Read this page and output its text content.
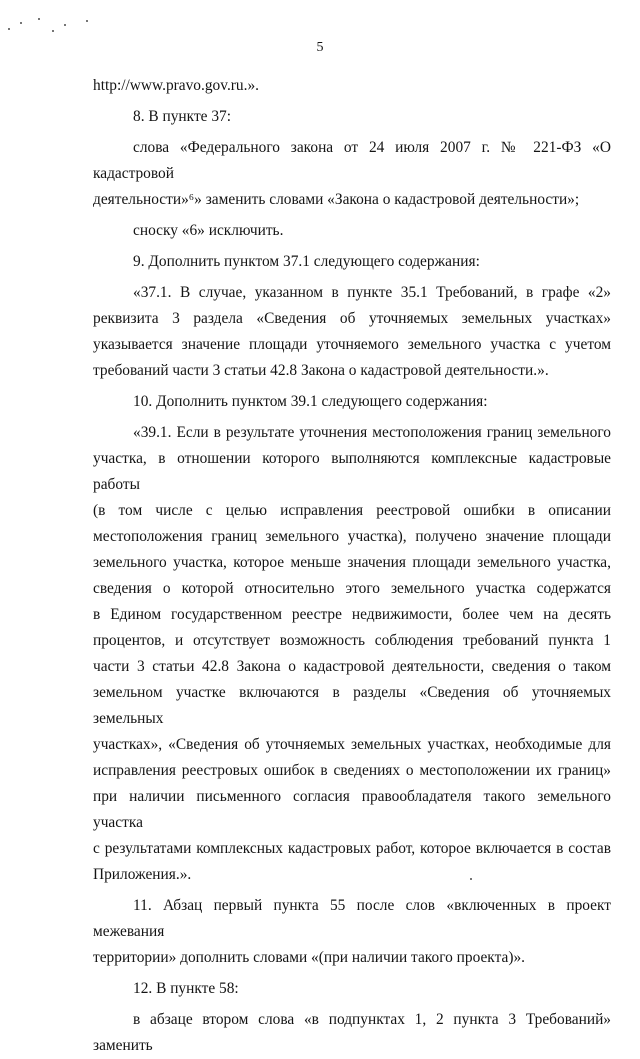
5

http://www.pravo.gov.ru.».

8. В пункте 37:

слова «Федерального закона от 24 июля 2007 г. № 221-ФЗ «О кадастровой
деятельности»⁶» заменить словами «Закона о кадастровой деятельности»;

сноску «6» исключить.

9. Дополнить пунктом 37.1 следующего содержания:

«37.1. В случае, указанном в пункте 35.1 Требований, в графе «2»
реквизита 3 раздела «Сведения об уточняемых земельных участках»
указывается значение площади уточняемого земельного участка с учетом
требований части 3 статьи 42.8 Закона о кадастровой деятельности.».

10. Дополнить пунктом 39.1 следующего содержания:

«39.1. Если в результате уточнения местоположения границ земельного
участка, в отношении которого выполняются комплексные кадастровые работы
(в том числе с целью исправления реестровой ошибки в описании
местоположения границ земельного участка), получено значение площади
земельного участка, которое меньше значения площади земельного участка,
сведения о которой относительно этого земельного участка содержатся
в Едином государственном реестре недвижимости, более чем на десять
процентов, и отсутствует возможность соблюдения требований пункта 1
части 3 статьи 42.8 Закона о кадастровой деятельности, сведения о таком
земельном участке включаются в разделы «Сведения об уточняемых земельных
участках», «Сведения об уточняемых земельных участках, необходимые для
исправления реестровых ошибок в сведениях о местоположении их границ»
при наличии письменного согласия правообладателя такого земельного участка
с результатами комплексных кадастровых работ, которое включается в состав
Приложения.».

11. Абзац первый пункта 55 после слов «включенных в проект межевания
территории» дополнить словами «(при наличии такого проекта)».

12. В пункте 58:

в абзаце втором слова «в подпунктах 1, 2 пункта 3 Требований» заменить
